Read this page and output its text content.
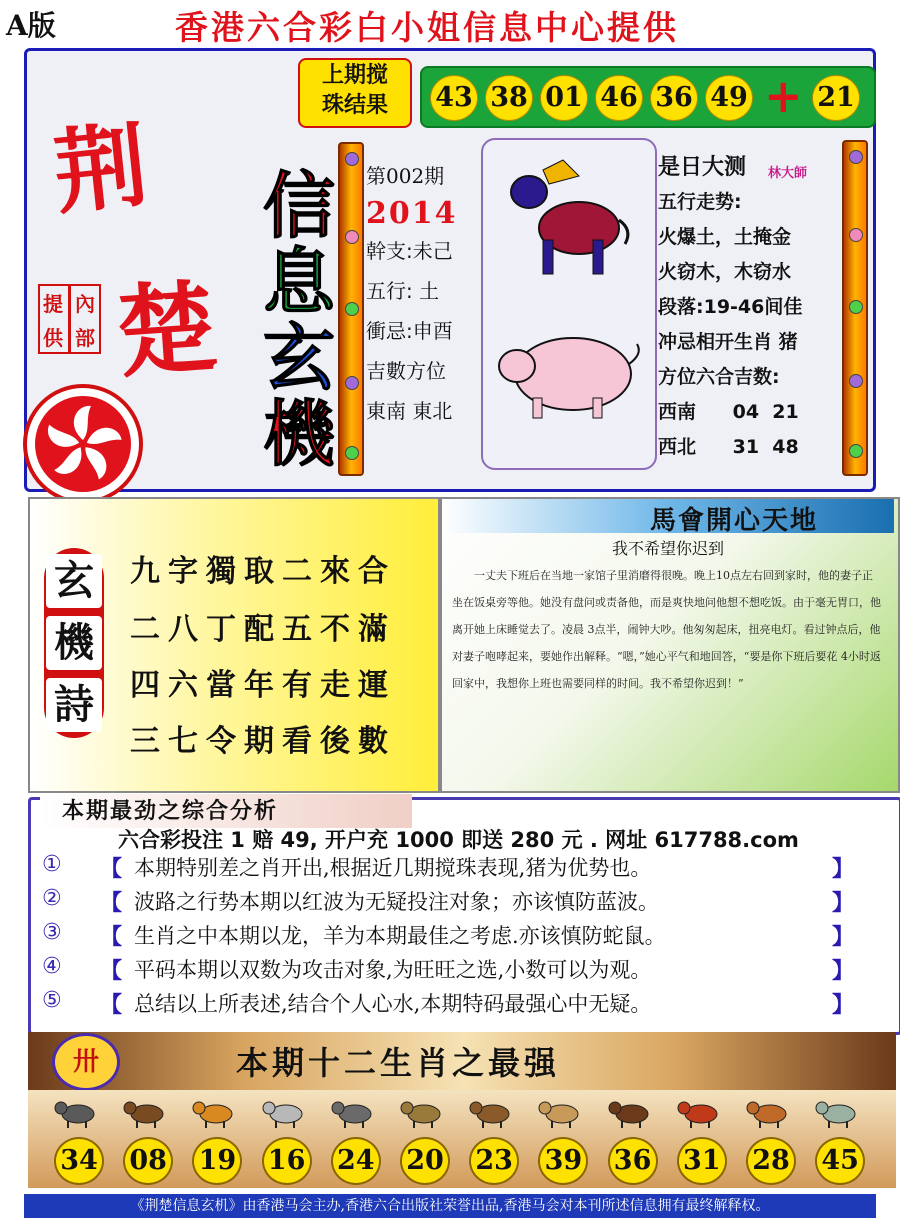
A版	香港六合彩白小姐信息中心提供
上期搅
珠结果	43 38 01 46 36 49 + 21
荆
楚
提 內
供 部
信
息
玄
機
第002期
2014
幹支:未己
五行: 土
衝忌:申酉
吉數方位
東南 東北
是日大测
五行走势:
火爆土，土掩金
火窃木，木窃水
段落:19-46间佳
冲忌相开生肖 猪
方位六合吉数:
西南 04  21
西北 31  48
林大師
玄
機
詩
九字獨取二來合
二八丁配五不滿
四六當年有走運
三七令期看後數
馬會開心天地
我不希望你迟到
一丈夫下班后在当地一家馆子里消磨得很晚。晚上10点左右回到家时，他的妻子正坐在饭桌旁等他。她没有盘问或责备他，而是爽快地问他想不想吃饭。由于毫无胃口，他离开她上床睡觉去了。凌晨 3点半，闹钟大吵。他匆匆起床，扭亮电灯。看过钟点后，他对妻子咆哮起来，要她作出解释。“嗯，”她心平气和地回答，“要是你下班后要花 4小时返回家中，我想你上班也需要同样的时间。我不希望你迟到！”
本期最劲之综合分析
六合彩投注 1 赔 49, 开户充 1000 即送 280 元 . 网址 617788.com
① 【 本期特别差之肖开出,根据近几期搅珠表现,猪为优势也。	】
② 【 波路之行势本期以红波为无疑投注对象；亦该慎防蓝波。	】
③ 【 生肖之中本期以龙，羊为本期最佳之考虑.亦该慎防蛇鼠。	】
④ 【 平码本期以双数为攻击对象,为旺旺之选,小数可以为观。	】
⑤ 【 总结以上所表述,结合个人心水,本期特码最强心中无疑。	】
卅	本期十二生肖之最强
34 08 19 16 24 20 23 39 36 31 28 45
《荆楚信息玄机》由香港马会主办,香港六合出版社荣誉出品,香港马会对本刊所述信息拥有最终解释权。
